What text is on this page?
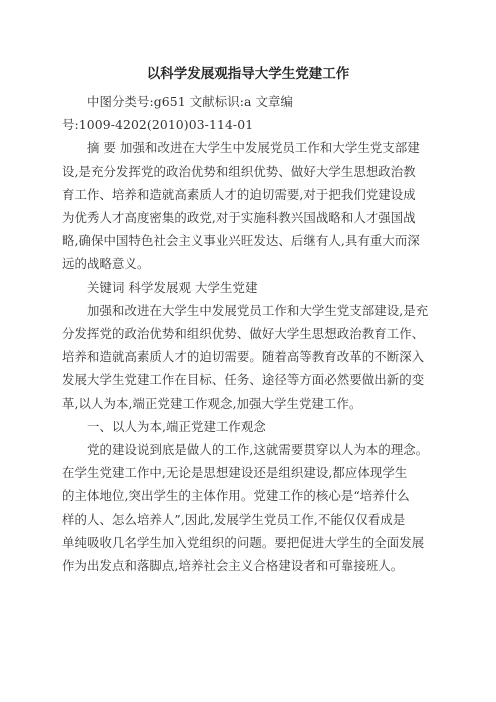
以科学发展观指导大学生党建工作

中图分类号:g651 文献标识:a 文章编
号:1009-4202(2010)03-114-01

摘 要 加强和改进在大学生中发展党员工作和大学生党支部建
设,是充分发挥党的政治优势和组织优势、做好大学生思想政治教
育工作、培养和造就高素质人才的迫切需要,对于把我们党建设成
为优秀人才高度密集的政党,对于实施科教兴国战略和人才强国战
略,确保中国特色社会主义事业兴旺发达、后继有人,具有重大而深
远的战略意义。

关键词 科学发展观 大学生党建

加强和改进在大学生中发展党员工作和大学生党支部建设,是充
分发挥党的政治优势和组织优势、做好大学生思想政治教育工作、
培养和造就高素质人才的迫切需要。随着高等教育改革的不断深入
发展大学生党建工作在目标、任务、途径等方面必然要做出新的变
革,以人为本,端正党建工作观念,加强大学生党建工作。

一、以人为本,端正党建工作观念

党的建设说到底是做人的工作,这就需要贯穿以人为本的理念。
在学生党建工作中,无论是思想建设还是组织建设,都应体现学生
的主体地位,突出学生的主体作用。党建工作的核心是“培养什么
样的人、怎么培养人”,因此,发展学生党员工作,不能仅仅看成是
单纯吸收几名学生加入党组织的问题。要把促进大学生的全面发展
作为出发点和落脚点,培养社会主义合格建设者和可靠接班人。
